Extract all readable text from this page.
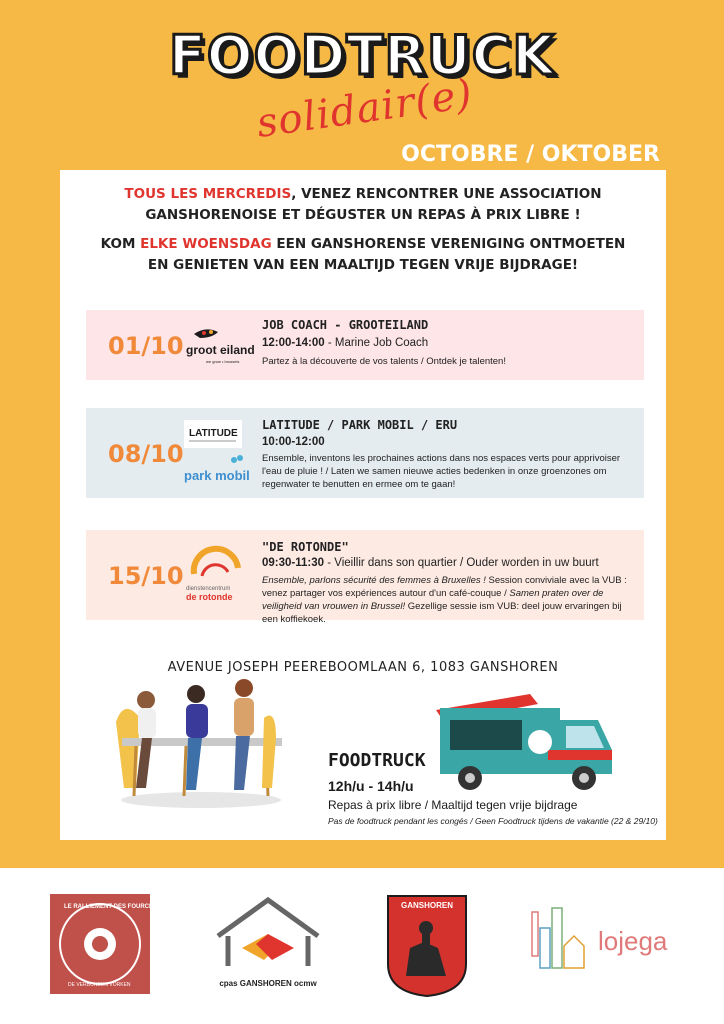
FOODTRUCK
solidair(e)
OCTOBRE / OKTOBER
TOUS LES MERCREDIS, VENEZ RENCONTRER UNE ASSOCIATION
GANSHORENOISE ET DÉGUSTER UN REPAS À PRIX LIBRE !
KOM ELKE WOENSDAG EEN GANSHORENSE VERENIGING ONTMOETEN
EN GENIETEN VAN EEN MAALTIJD TEGEN VRIJE BIJDRAGE!
01/10 groot eiland
we grow • brussels
JOB COACH - GROOTEILAND
12:00-14:00 - Marine Job Coach
Partez à la découverte de vos talents / Ontdek je talenten!
08/10
LATITUDE
park mobil
LATITUDE / PARK MOBIL / ERU
10:00-12:00
Ensemble, inventons les prochaines actions dans nos espaces verts pour apprivoiser l'eau de pluie ! / Laten we samen nieuwe acties bedenken in onze groenzones om regenwater te benutten en ermee om te gaan!
15/10 dienstencentrum
de rotonde
"DE ROTONDE"
09:30-11:30 - Vieillir dans son quartier / Ouder worden in uw buurt
Ensemble, parlons sécurité des femmes à Bruxelles ! Session conviviale avec la VUB : venez partager vos expériences autour d'un café-couque / Samen praten over de veiligheid van vrouwen in Brussel! Gezellige sessie ism VUB: deel jouw ervaringen bij een koffiekoek.
AVENUE JOSEPH PEEREBOOMLAAN 6, 1083 GANSHOREN
FOODTRUCK
12h/u - 14h/u
Repas à prix libre / Maaltijd tegen vrije bijdrage
Pas de foodtruck pendant les congés / Geen Foodtruck tijdens de vakantie (22 & 29/10)
LE RALLIEMENT DES FOURCHETTES
DE VERBONDEN VORKEN	cpas GANSHOREN ocmw
GANSHOREN
lojega
